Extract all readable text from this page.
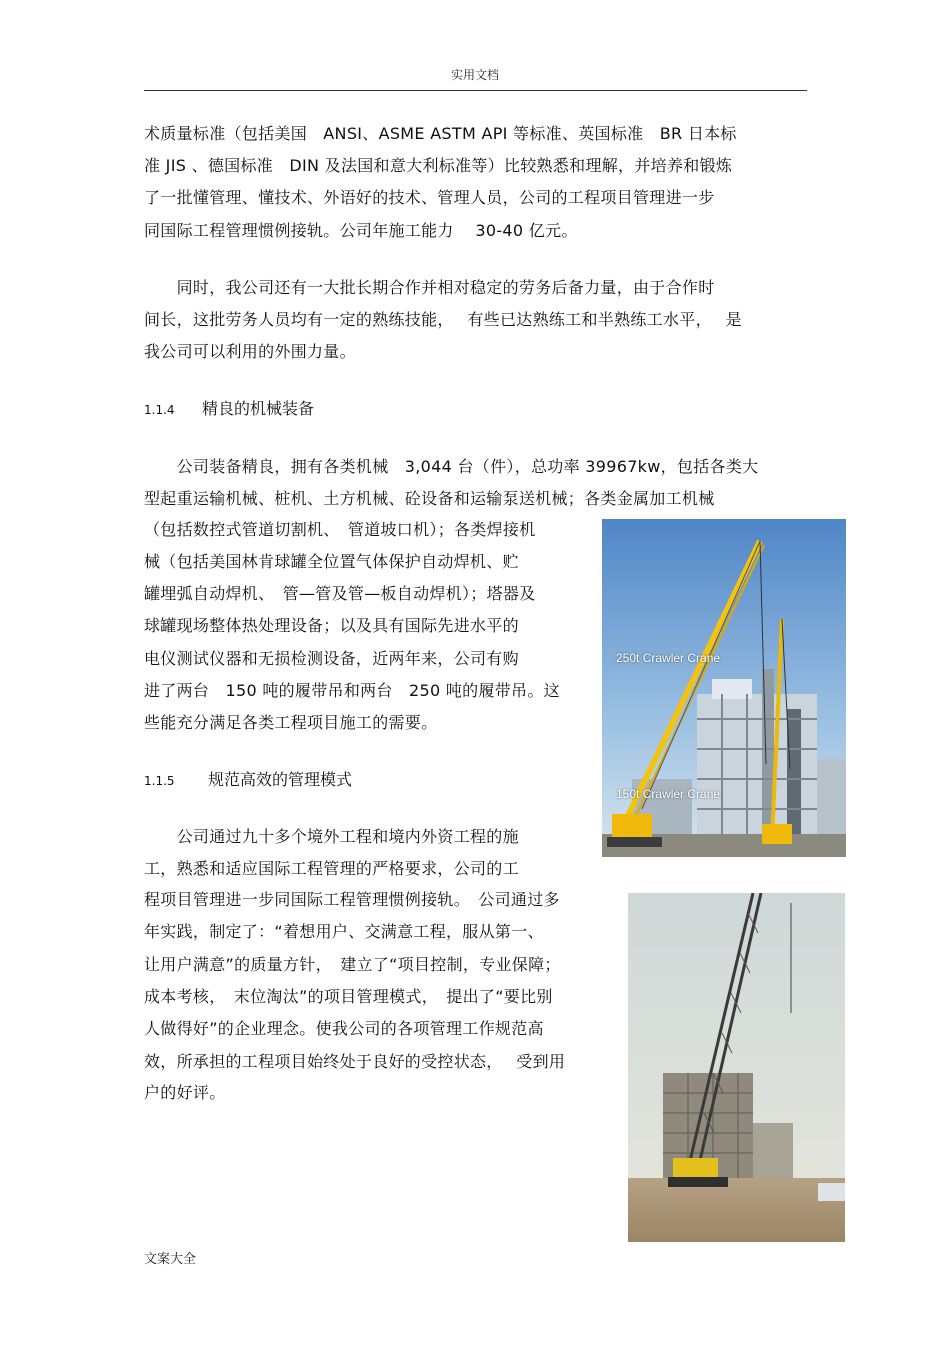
实用文档
术质量标准（包括美国　ANSI、ASME ASTM API 等标准、英国标准　BR 日本标
准 JIS 、德国标准　DIN 及法国和意大利标准等）比较熟悉和理解，并培养和锻炼
了一批懂管理、懂技术、外语好的技术、管理人员，公司的工程项目管理进一步
同国际工程管理惯例接轨。公司年施工能力　 30-40 亿元。
　　同时，我公司还有一大批长期合作并相对稳定的劳务后备力量，由于合作时
间长，这批劳务人员均有一定的熟练技能，　 有些已达熟练工和半熟练工水平，　 是
我公司可以利用的外围力量。
1.1.4 精良的机械装备
　　公司装备精良，拥有各类机械　3,044 台（件），总功率 39967kw，包括各类大
型起重运输机械、桩机、土方机械、砼设备和运输泵送机械；各类金属加工机械
（包括数控式管道切割机、　管道坡口机）；各类焊接机
械（包括美国林肯球罐全位置气体保护自动焊机、贮
罐埋弧自动焊机、　管—管及管—板自动焊机）；塔器及
球罐现场整体热处理设备；以及具有国际先进水平的
电仪测试仪器和无损检测设备，近两年来，公司有购
进了两台　150 吨的履带吊和两台　250 吨的履带吊。这
些能充分满足各类工程项目施工的需要。
1.1.5 规范高效的管理模式
　　公司通过九十多个境外工程和境内外资工程的施
工，熟悉和适应国际工程管理的严格要求，公司的工
程项目管理进一步同国际工程管理惯例接轨。　公司通过多
年实践，制定了：“着想用户、交满意工程，服从第一、
让用户满意”的质量方针，　建立了“项目控制，专业保障；
成本考核，　末位淘汰”的项目管理模式，　提出了“要比别
人做得好”的企业理念。使我公司的各项管理工作规范高
效，所承担的工程项目始终处于良好的受控状态，　 受到用
户的好评。
250t Crawler Crane
150t Crawler Crane
文案大全
